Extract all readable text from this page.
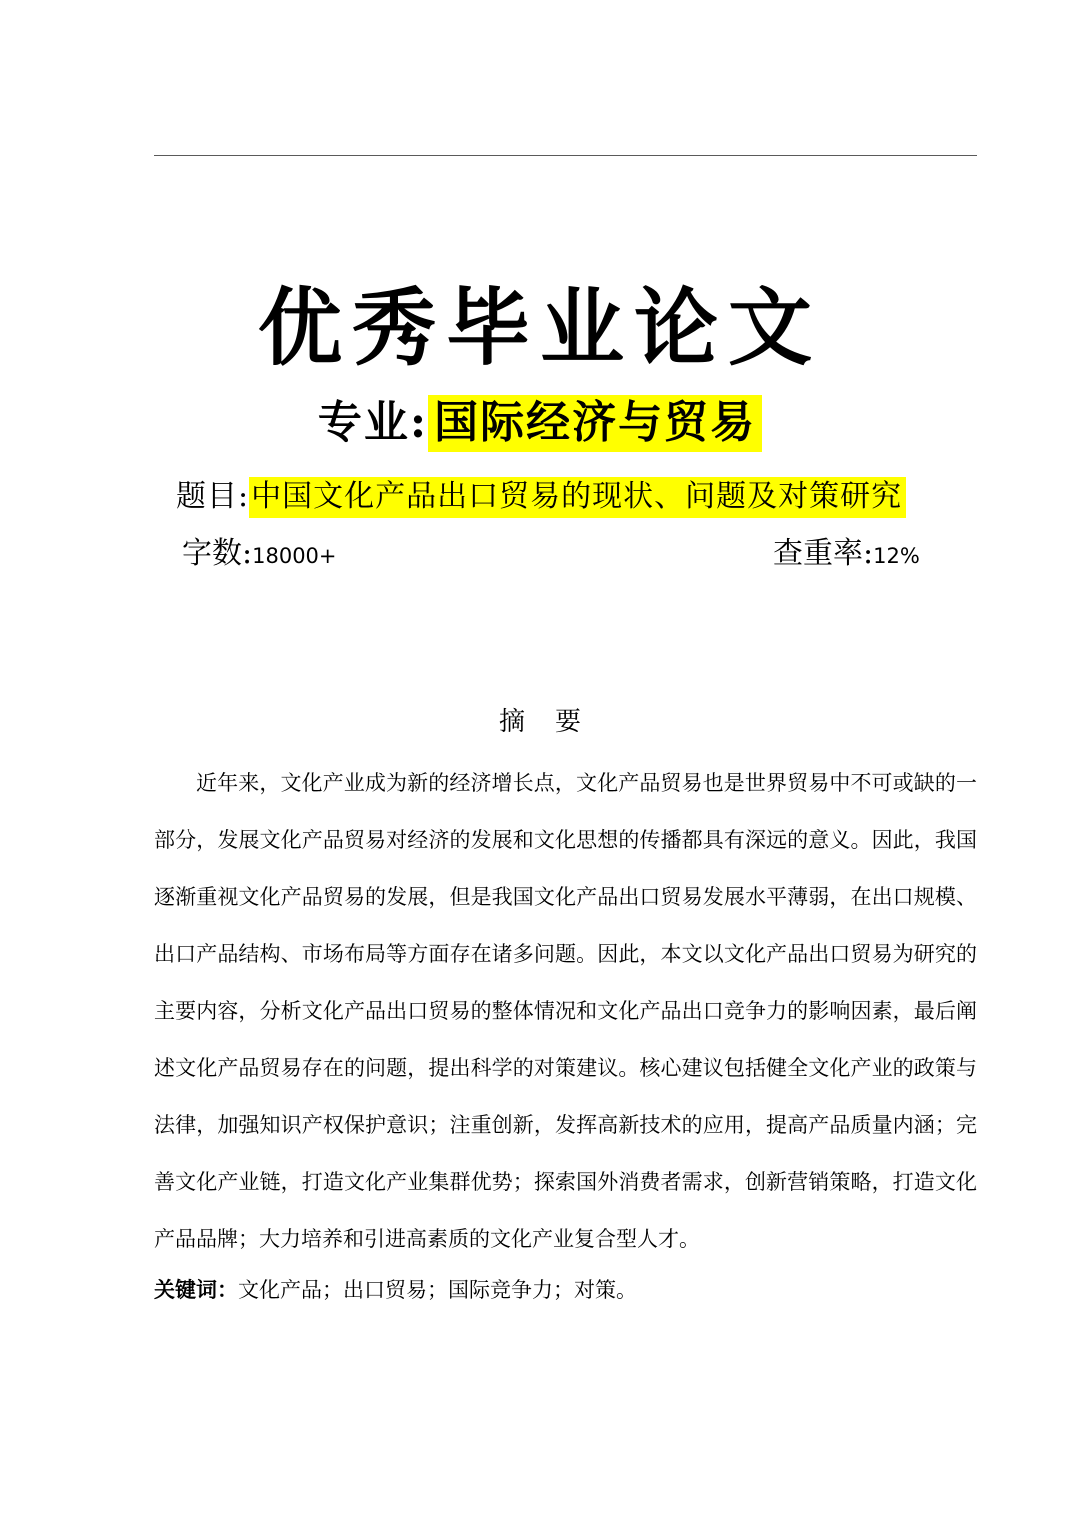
优秀毕业论文
专业: 国际经济与贸易
题目:中国文化产品出口贸易的现状、问题及对策研究
字数:18000+	查重率:12%
摘要

近年来，文化产业成为新的经济增长点，文化产品贸易也是世界贸易中不可或缺的一部分，发展文化产品贸易对经济的发展和文化思想的传播都具有深远的意义。因此，我国逐渐重视文化产品贸易的发展，但是我国文化产品出口贸易发展水平薄弱，在出口规模、出口产品结构、市场布局等方面存在诸多问题。因此，本文以文化产品出口贸易为研究的主要内容，分析文化产品出口贸易的整体情况和文化产品出口竞争力的影响因素，最后阐述文化产品贸易存在的问题，提出科学的对策建议。核心建议包括健全文化产业的政策与法律，加强知识产权保护意识；注重创新，发挥高新技术的应用，提高产品质量内涵；完善文化产业链，打造文化产业集群优势；探索国外消费者需求，创新营销策略，打造文化产品品牌；大力培养和引进高素质的文化产业复合型人才。

关键词：文化产品；出口贸易；国际竞争力；对策。
